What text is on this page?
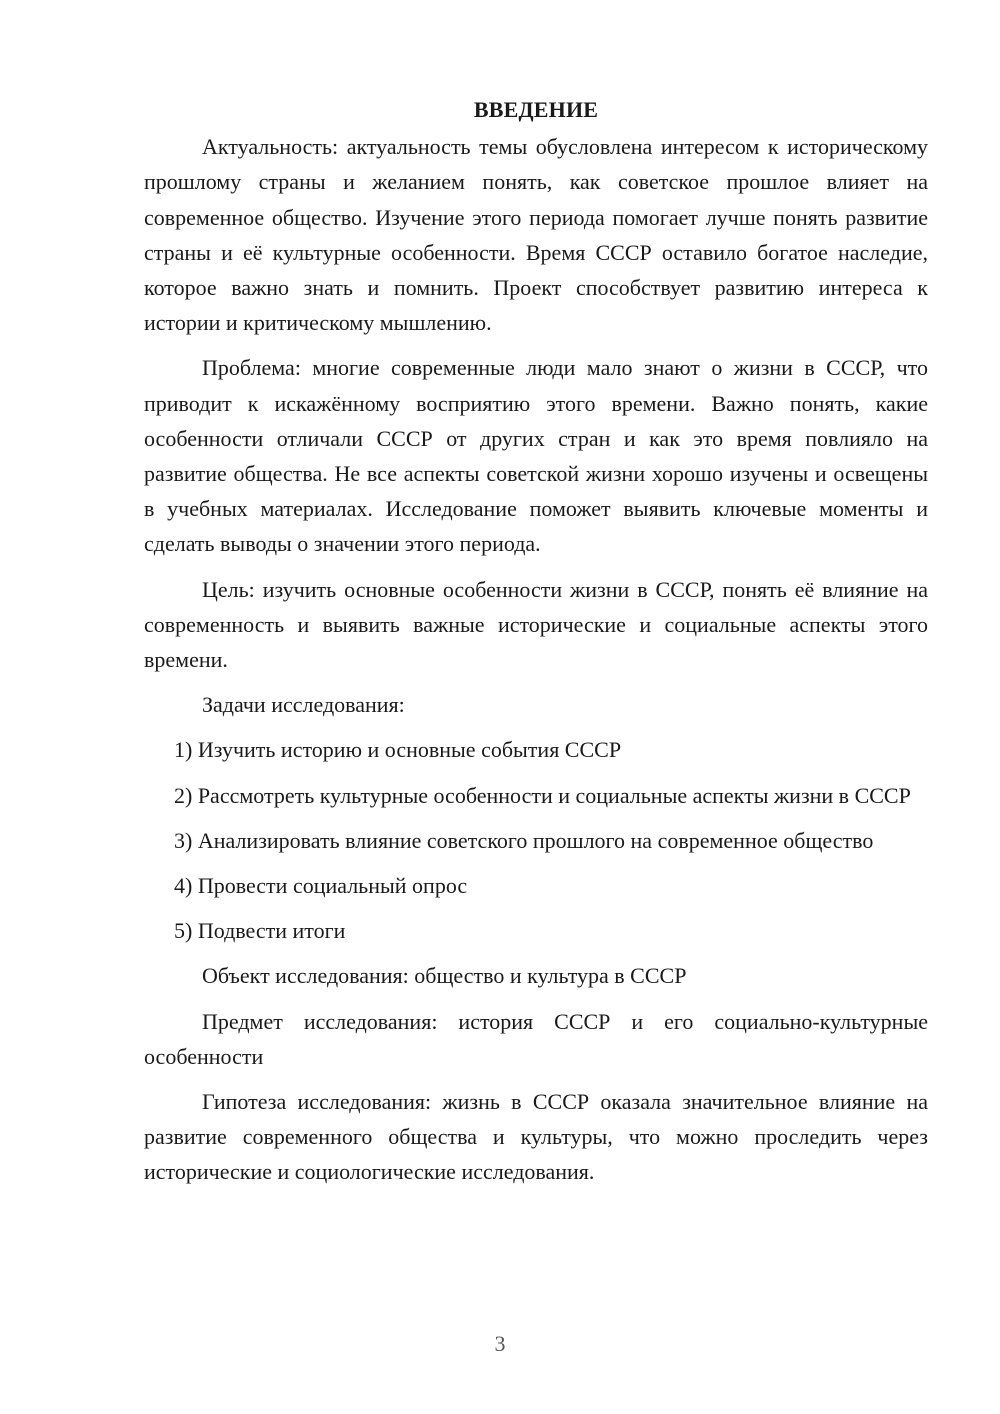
ВВЕДЕНИЕ

Актуальность: актуальность темы обусловлена интересом к историческому прошлому страны и желанием понять, как советское прошлое влияет на современное общество. Изучение этого периода помогает лучше понять развитие страны и её культурные особенности. Время СССР оставило богатое наследие, которое важно знать и помнить. Проект способствует развитию интереса к истории и критическому мышлению.

Проблема: многие современные люди мало знают о жизни в СССР, что приводит к искажённому восприятию этого времени. Важно понять, какие особенности отличали СССР от других стран и как это время повлияло на развитие общества. Не все аспекты советской жизни хорошо изучены и освещены в учебных материалах. Исследование поможет выявить ключевые моменты и сделать выводы о значении этого периода.

Цель: изучить основные особенности жизни в СССР, понять её влияние на современность и выявить важные исторические и социальные аспекты этого времени.

Задачи исследования:

1) Изучить историю и основные события СССР

2) Рассмотреть культурные особенности и социальные аспекты жизни в СССР

3) Анализировать влияние советского прошлого на современное общество

4) Провести социальный опрос

5) Подвести итоги

Объект исследования: общество и культура в СССР

Предмет исследования: история СССР и его социально-культурные особенности

Гипотеза исследования: жизнь в СССР оказала значительное влияние на развитие современного общества и культуры, что можно проследить через исторические и социологические исследования.

3
